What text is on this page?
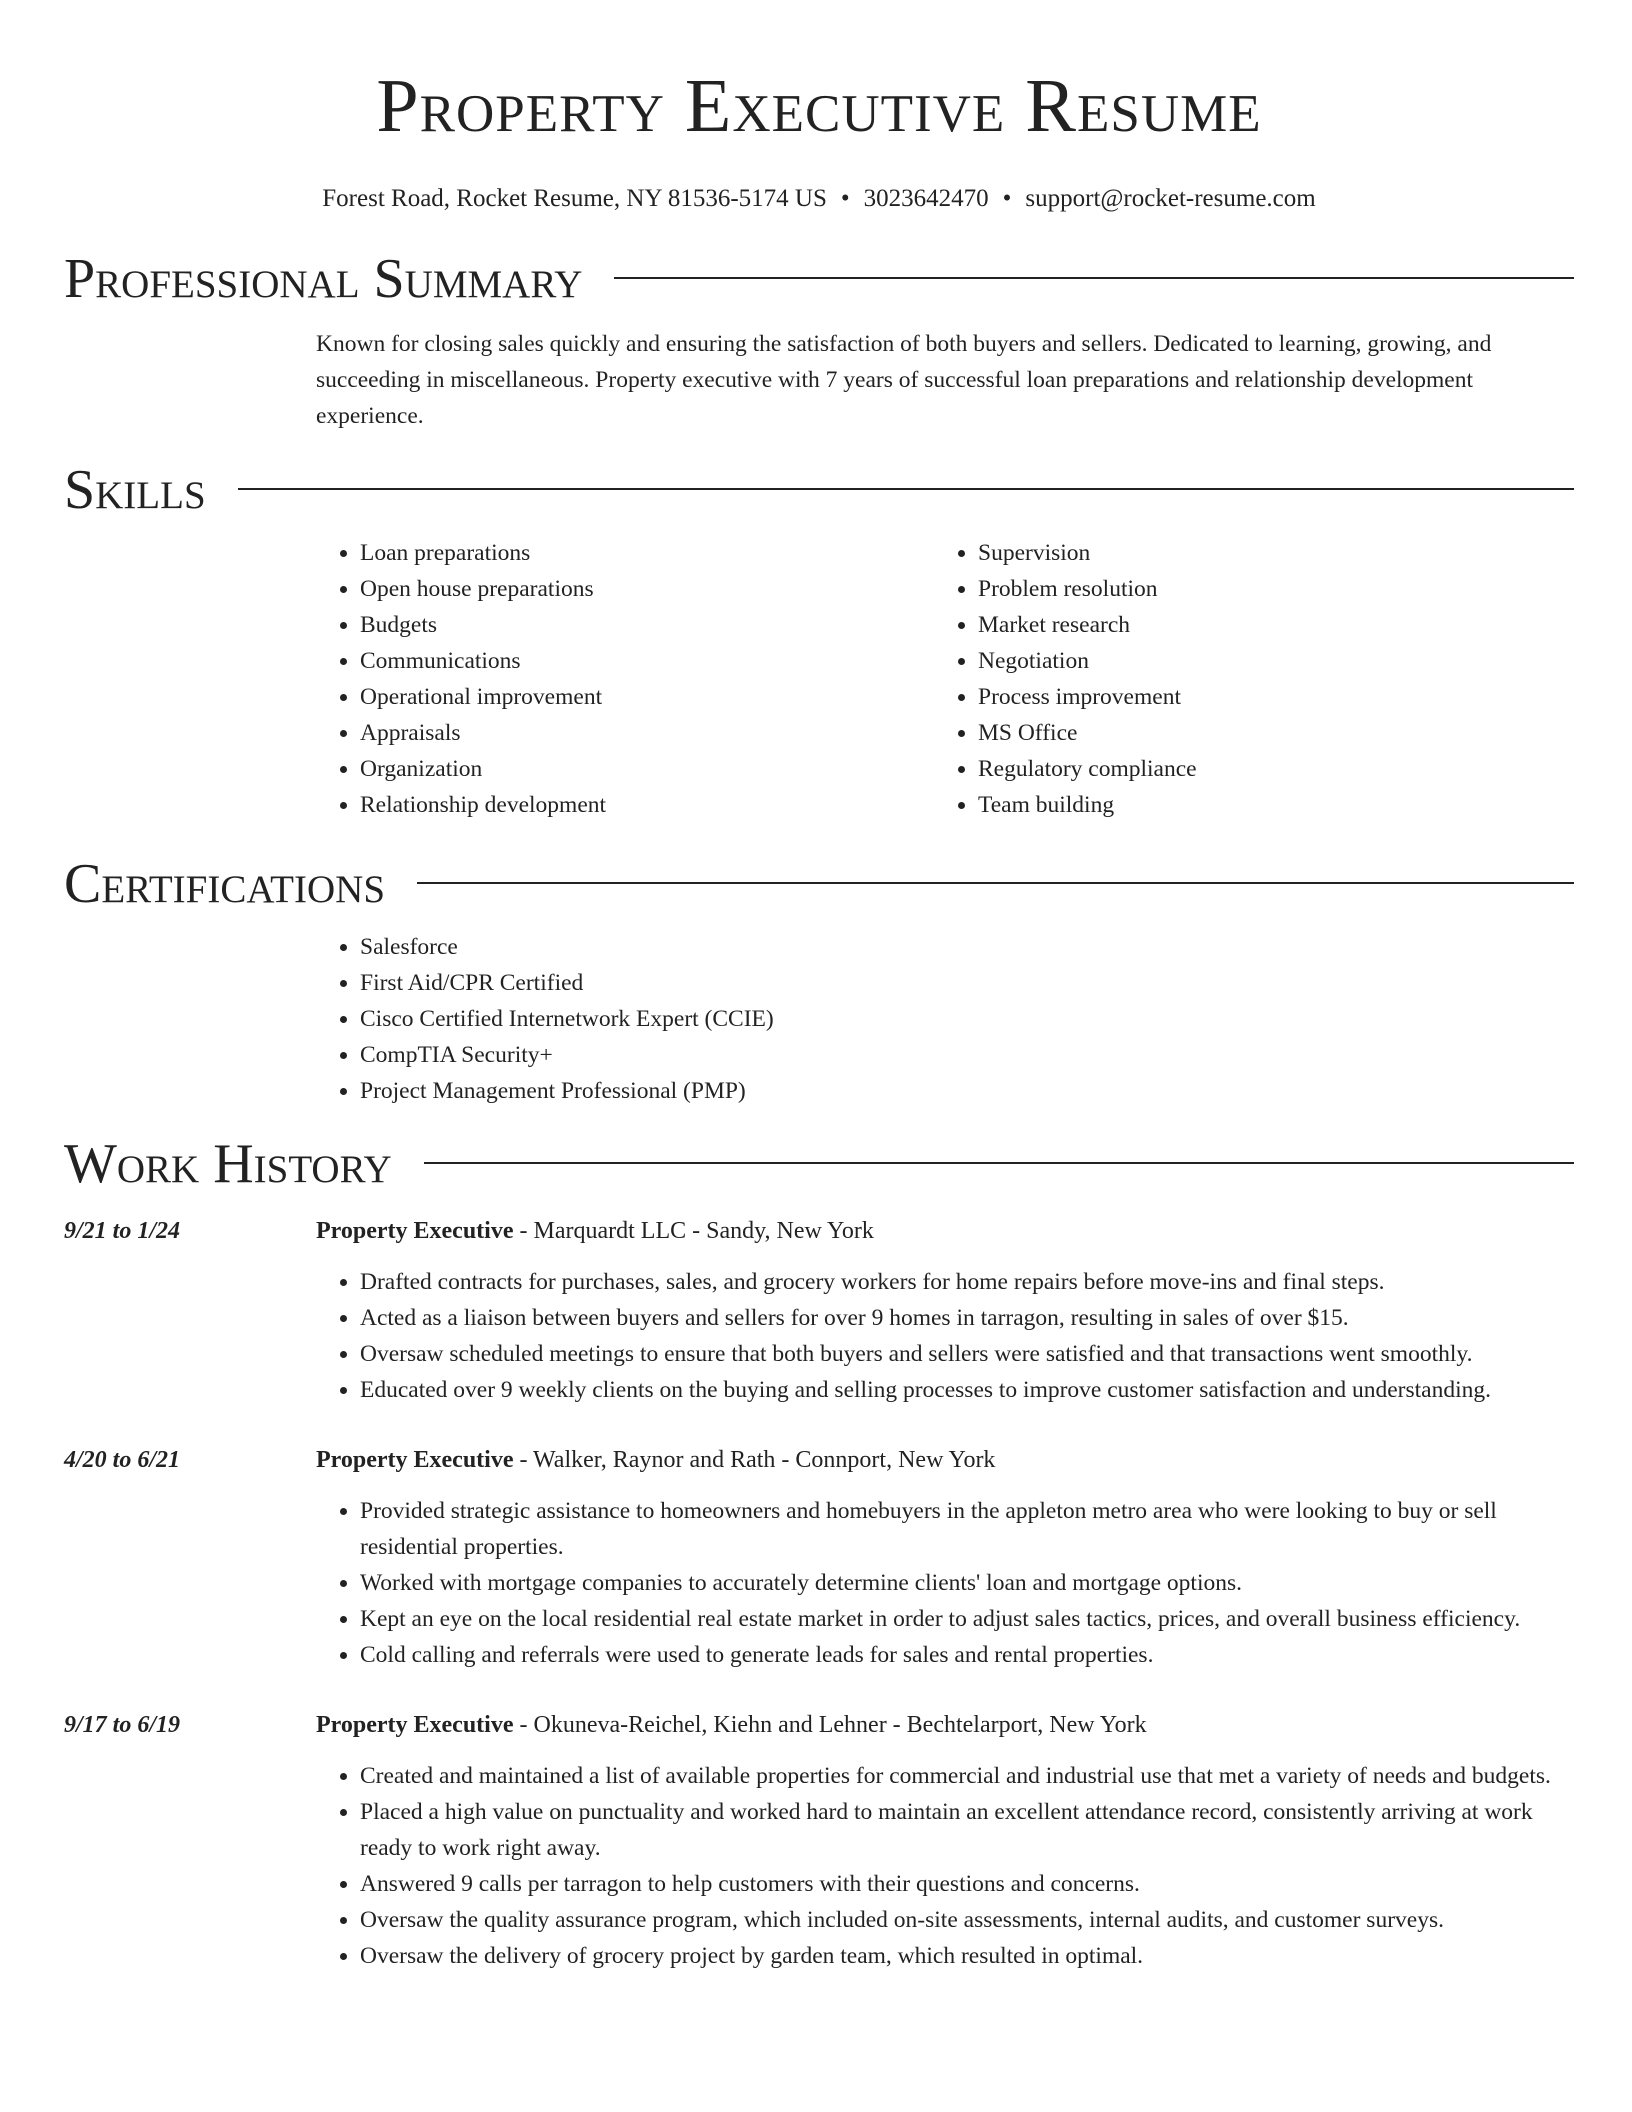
Property Executive Resume
Forest Road, Rocket Resume, NY 81536-5174 US • 3023642470 • support@rocket-resume.com
Professional Summary
Known for closing sales quickly and ensuring the satisfaction of both buyers and sellers. Dedicated to learning, growing, and succeeding in miscellaneous. Property executive with 7 years of successful loan preparations and relationship development experience.
Skills
• Loan preparations
• Open house preparations
• Budgets
• Communications
• Operational improvement
• Appraisals
• Organization
• Relationship development
• Supervision
• Problem resolution
• Market research
• Negotiation
• Process improvement
• MS Office
• Regulatory compliance
• Team building
Certifications
• Salesforce
• First Aid/CPR Certified
• Cisco Certified Internetwork Expert (CCIE)
• CompTIA Security+
• Project Management Professional (PMP)
Work History
9/21 to 1/24	Property Executive - Marquardt LLC - Sandy, New York
• Drafted contracts for purchases, sales, and grocery workers for home repairs before move-ins and final steps.
• Acted as a liaison between buyers and sellers for over 9 homes in tarragon, resulting in sales of over $15.
• Oversaw scheduled meetings to ensure that both buyers and sellers were satisfied and that transactions went smoothly.
• Educated over 9 weekly clients on the buying and selling processes to improve customer satisfaction and understanding.
4/20 to 6/21	Property Executive - Walker, Raynor and Rath - Connport, New York
• Provided strategic assistance to homeowners and homebuyers in the appleton metro area who were looking to buy or sell residential properties.
• Worked with mortgage companies to accurately determine clients' loan and mortgage options.
• Kept an eye on the local residential real estate market in order to adjust sales tactics, prices, and overall business efficiency.
• Cold calling and referrals were used to generate leads for sales and rental properties.
9/17 to 6/19	Property Executive - Okuneva-Reichel, Kiehn and Lehner - Bechtelarport, New York
• Created and maintained a list of available properties for commercial and industrial use that met a variety of needs and budgets.
• Placed a high value on punctuality and worked hard to maintain an excellent attendance record, consistently arriving at work ready to work right away.
• Answered 9 calls per tarragon to help customers with their questions and concerns.
• Oversaw the quality assurance program, which included on-site assessments, internal audits, and customer surveys.
• Oversaw the delivery of grocery project by garden team, which resulted in optimal.
